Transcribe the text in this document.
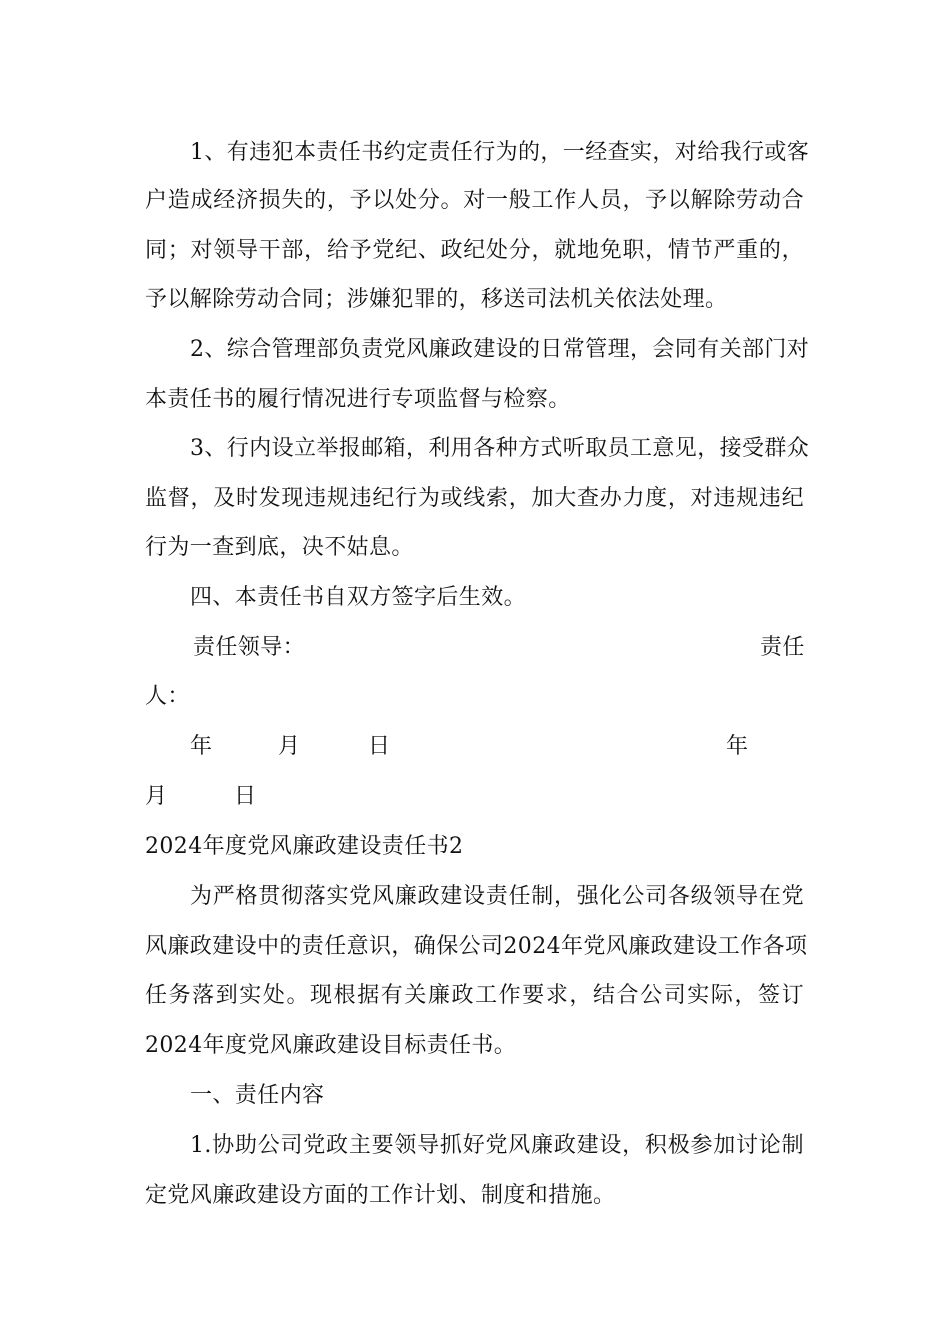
1、有违犯本责任书约定责任行为的，一经查实，对给我行或客
户造成经济损失的，予以处分。对一般工作人员，予以解除劳动合
同；对领导干部，给予党纪、政纪处分，就地免职，情节严重的，
予以解除劳动合同；涉嫌犯罪的，移送司法机关依法处理。
2、综合管理部负责党风廉政建设的日常管理，会同有关部门对
本责任书的履行情况进行专项监督与检察。
3、行内设立举报邮箱，利用各种方式听取员工意见，接受群众
监督，及时发现违规违纪行为或线索，加大查办力度，对违规违纪
行为一查到底，决不姑息。
四、本责任书自双方签字后生效。
责任领导：	责任
人：
年	月	日	年
月	日
2024年度党风廉政建设责任书2
为严格贯彻落实党风廉政建设责任制，强化公司各级领导在党
风廉政建设中的责任意识，确保公司2024年党风廉政建设工作各项
任务落到实处。现根据有关廉政工作要求，结合公司实际，签订
2024年度党风廉政建设目标责任书。
一、责任内容
1.协助公司党政主要领导抓好党风廉政建设，积极参加讨论制
定党风廉政建设方面的工作计划、制度和措施。
